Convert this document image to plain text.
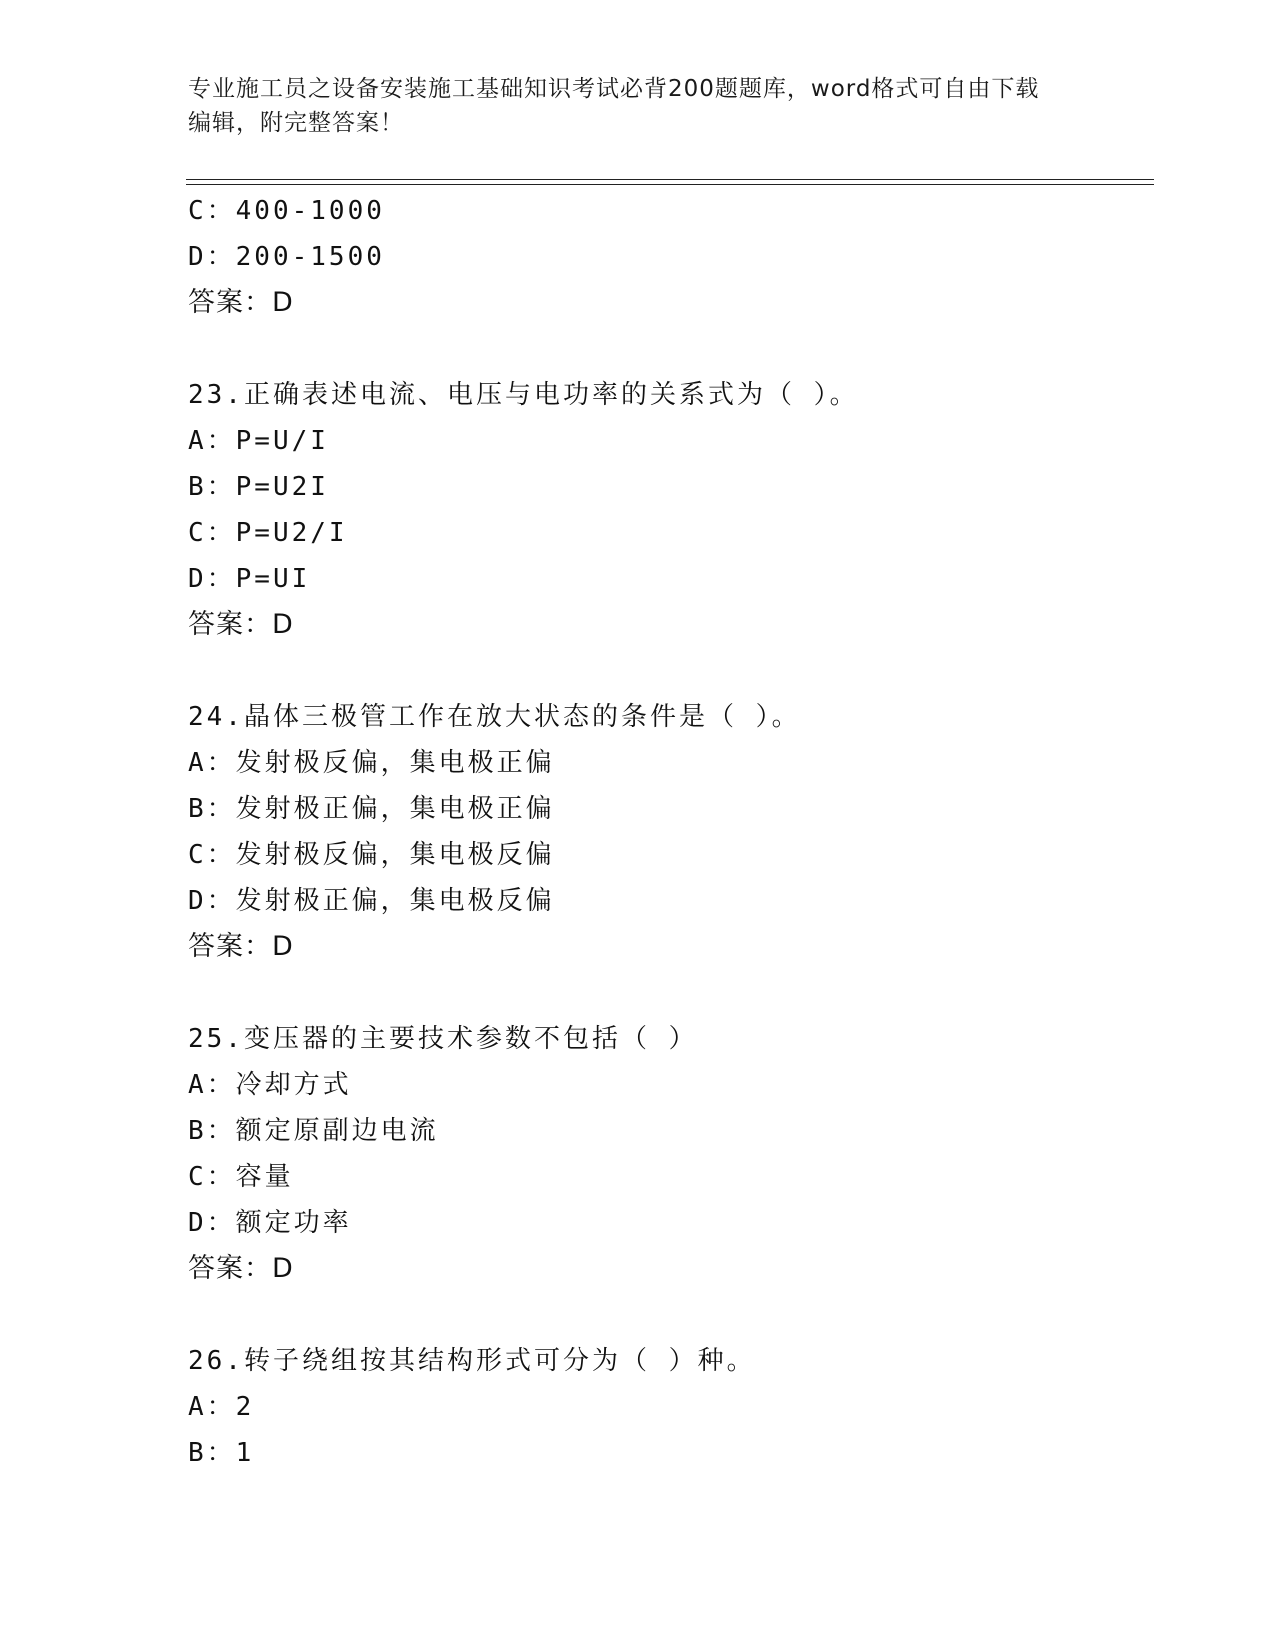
专业施工员之设备安装施工基础知识考试必背200题题库，word格式可自由下载
编辑，附完整答案！
C：400-1000
D：200-1500
答案：D
23.正确表述电流、电压与电功率的关系式为（ ）。
A：P=U/I
B：P=U2I
C：P=U2/I
D：P=UI
答案：D
24.晶体三极管工作在放大状态的条件是（ ）。
A：发射极反偏，集电极正偏
B：发射极正偏，集电极正偏
C：发射极反偏，集电极反偏
D：发射极正偏，集电极反偏
答案：D
25.变压器的主要技术参数不包括（ ）
A：冷却方式
B：额定原副边电流
C：容量
D：额定功率
答案：D
26.转子绕组按其结构形式可分为（ ）种。
A：2
B：1
